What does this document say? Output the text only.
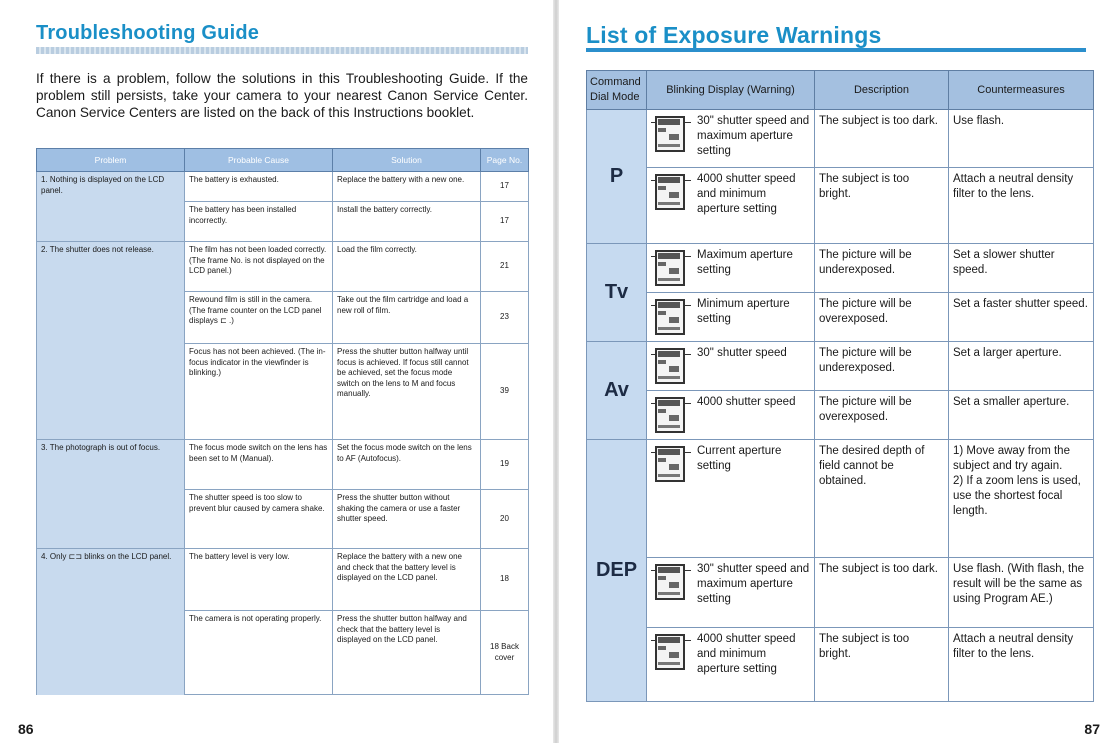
Troubleshooting Guide

If there is a problem, follow the solutions in this Troubleshooting Guide. If the problem still persists, take your camera to your nearest Canon Service Center. Canon Service Centers are listed on the back of this Instructions booklet.

Problem	Probable Cause	Solution	Page No.
1. Nothing is displayed on the LCD panel.	The battery is exhausted.	Replace the battery with a new one.	17
	The battery has been installed incorrectly.	Install the battery correctly.	17
2. The shutter does not release.	The film has not been loaded correctly. (The frame No. is not displayed on the LCD panel.)	Load the film correctly.	21
	Rewound film is still in the camera. (The frame counter on the LCD panel displays ⊏ .)	Take out the film cartridge and load a new roll of film.	23
	Focus has not been achieved. (The in-focus indicator in the viewfinder is blinking.)	Press the shutter button halfway until focus is achieved. If focus still cannot be achieved, set the focus mode switch on the lens to M and focus manually.	39
3. The photograph is out of focus.	The focus mode switch on the lens has been set to M (Manual).	Set the focus mode switch on the lens to AF (Autofocus).	19
	The shutter speed is too slow to prevent blur caused by camera shake.	Press the shutter button without shaking the camera or use a faster shutter speed.	20
4. Only ⊏⊐ blinks on the LCD panel.	The battery level is very low.	Replace the battery with a new one and check that the battery level is displayed on the LCD panel.	18
	The camera is not operating properly.	Press the shutter button halfway and check that the battery level is displayed on the LCD panel.	18 Back cover
86
List of Exposure Warnings
Command Dial Mode	Blinking Display (Warning)	Description	Countermeasures
P	30" shutter speed and maximum aperture setting	The subject is too dark.	Use flash.

	4000 shutter speed and minimum aperture setting	The subject is too bright.	Attach a neutral density filter to the lens.
Tv	Maximum aperture setting	The picture will be underexposed.	Set a slower shutter speed.

	Minimum aperture setting	The picture will be overexposed.	Set a faster shutter speed.
Av	30" shutter speed	The picture will be underexposed.	Set a larger aperture.

	4000 shutter speed	The picture will be overexposed.	Set a smaller aperture.
DEP	Current aperture setting	The desired depth of field cannot be obtained.	1) Move away from the subject and try again.
2) If a zoom lens is used, use the shortest focal length.

	30" shutter speed and maximum aperture setting	The subject is too dark.	Use flash. (With flash, the result will be the same as using Program AE.)

	4000 shutter speed and minimum aperture setting	The subject is too bright.	Attach a neutral density filter to the lens.
87
